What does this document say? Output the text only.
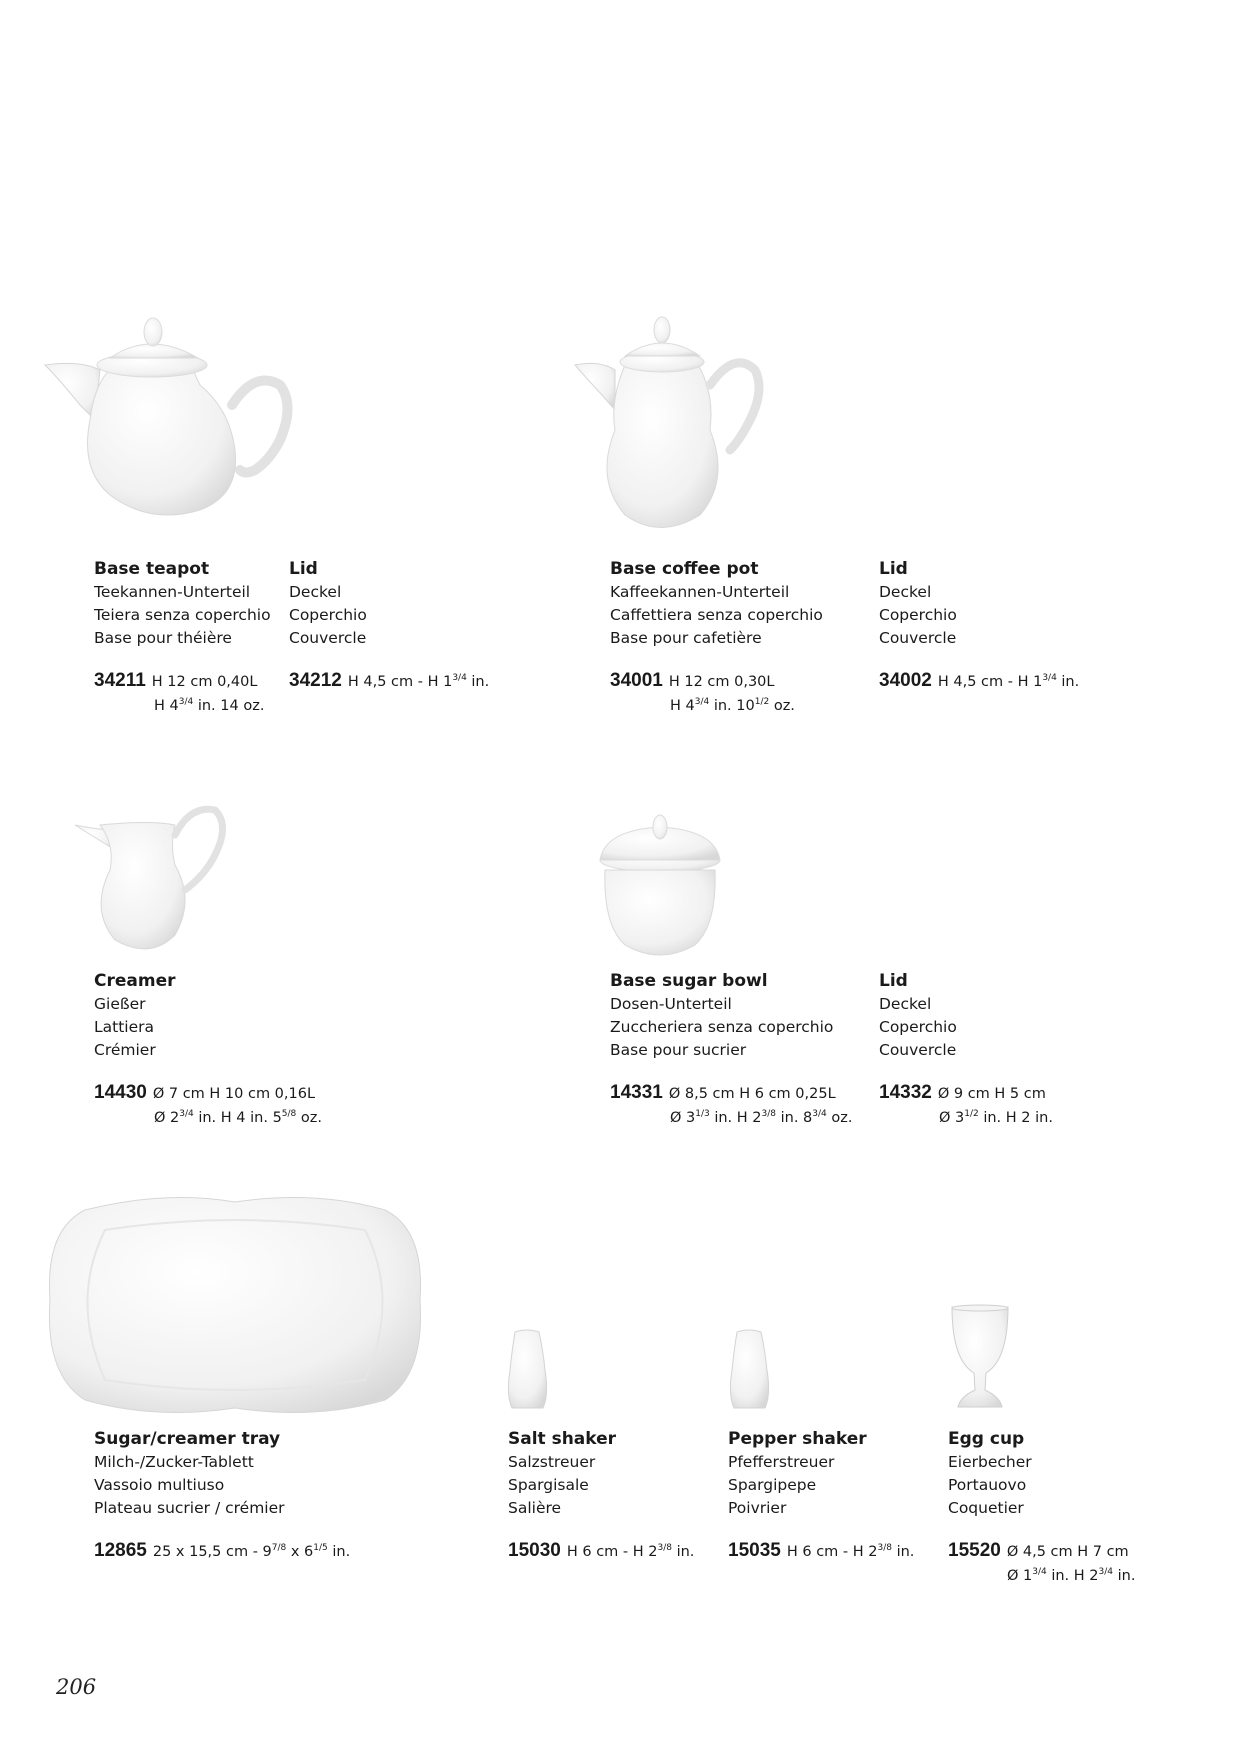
Base teapot
Teekannen-Unterteil
Teiera senza coperchio
Base pour théière
34211 H 12 cm 0,40L
H $4^{3/4}$ in. 14 oz.
Lid
Deckel
Coperchio
Couvercle
34212 H 4,5 cm - H $1^{3/4}$ in.
Base coffee pot
Kaffeekannen-Unterteil
Caffettiera senza coperchio
Base pour cafetière
34001 H 12 cm 0,30L
H $4^{3/4}$ in. $10^{1/2}$ oz.
Lid
Deckel
Coperchio
Couvercle
34002 H 4,5 cm - H $1^{3/4}$ in.
Creamer
Gießer
Lattiera
Crémier
14430 Ø 7 cm H 10 cm 0,16L
Ø $2^{3/4}$ in. H 4 in. $5^{5/8}$ oz.
Base sugar bowl
Dosen-Unterteil
Zuccheriera senza coperchio
Base pour sucrier
14331 Ø 8,5 cm H 6 cm 0,25L
Ø $3^{1/3}$ in. H $2^{3/8}$ in. $8^{3/4}$ oz.
Lid
Deckel
Coperchio
Couvercle
14332 Ø 9 cm H 5 cm
Ø $3^{1/2}$ in. H 2 in.
Sugar/creamer tray
Milch-/Zucker-Tablett
Vassoio multiuso
Plateau sucrier / crémier
12865 25 x 15,5 cm - $9^{7/8}$ x $6^{1/5}$ in.
Salt shaker
Salzstreuer
Spargisale
Salière
15030 H 6 cm - H $2^{3/8}$ in.
Pepper shaker
Pfefferstreuer
Spargipepe
Poivrier
15035 H 6 cm - H $2^{3/8}$ in.
Egg cup
Eierbecher
Portauovo
Coquetier
15520 Ø 4,5 cm H 7 cm
Ø $1^{3/4}$ in. H $2^{3/4}$ in.
206
